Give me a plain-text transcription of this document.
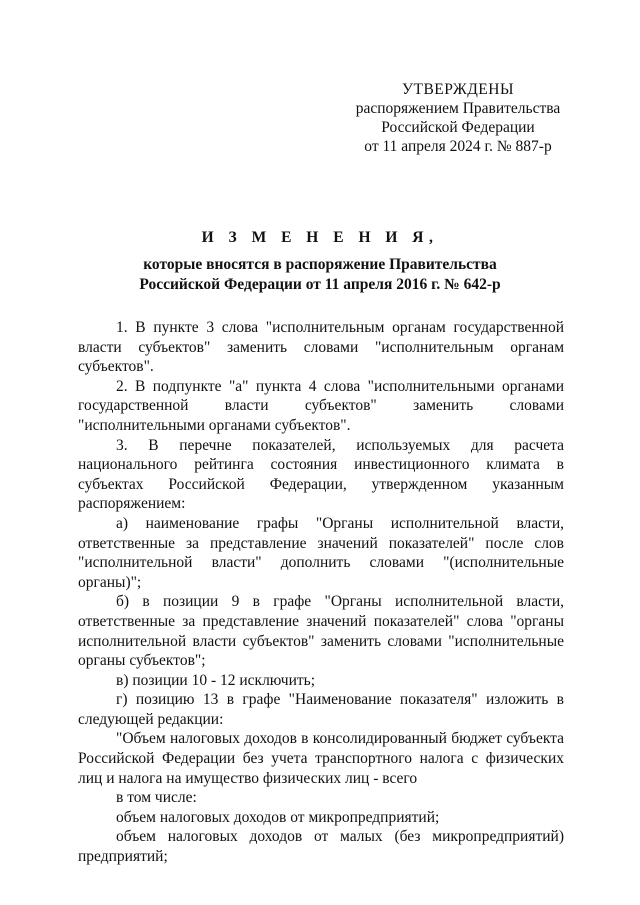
УТВЕРЖДЕНЫ
распоряжением Правительства
Российской Федерации
от 11 апреля 2024 г. № 887-р
И З М Е Н Е Н И Я,
которые вносятся в распоряжение Правительства
Российской Федерации от 11 апреля 2016 г. № 642-р

1. В пункте 3 слова "исполнительным органам государственной власти субъектов" заменить словами "исполнительным органам субъектов".

2. В подпункте "а" пункта 4 слова "исполнительными органами государственной власти субъектов" заменить словами "исполнительными органами субъектов".

3. В перечне показателей, используемых для расчета национального рейтинга состояния инвестиционного климата в субъектах Российской Федерации, утвержденном указанным распоряжением:

а) наименование графы "Органы исполнительной власти, ответственные за представление значений показателей" после слов "исполнительной власти" дополнить словами "(исполнительные органы)";

б) в позиции 9 в графе "Органы исполнительной власти, ответственные за представление значений показателей" слова "органы исполнительной власти субъектов" заменить словами "исполнительные органы субъектов";

в) позиции 10 - 12 исключить;

г) позицию 13 в графе "Наименование показателя" изложить в следующей редакции:

"Объем налоговых доходов в консолидированный бюджет субъекта Российской Федерации без учета транспортного налога с физических лиц и налога на имущество физических лиц - всего

в том числе:

объем налоговых доходов от микропредприятий;

объем налоговых доходов от малых (без микропредприятий) предприятий;
